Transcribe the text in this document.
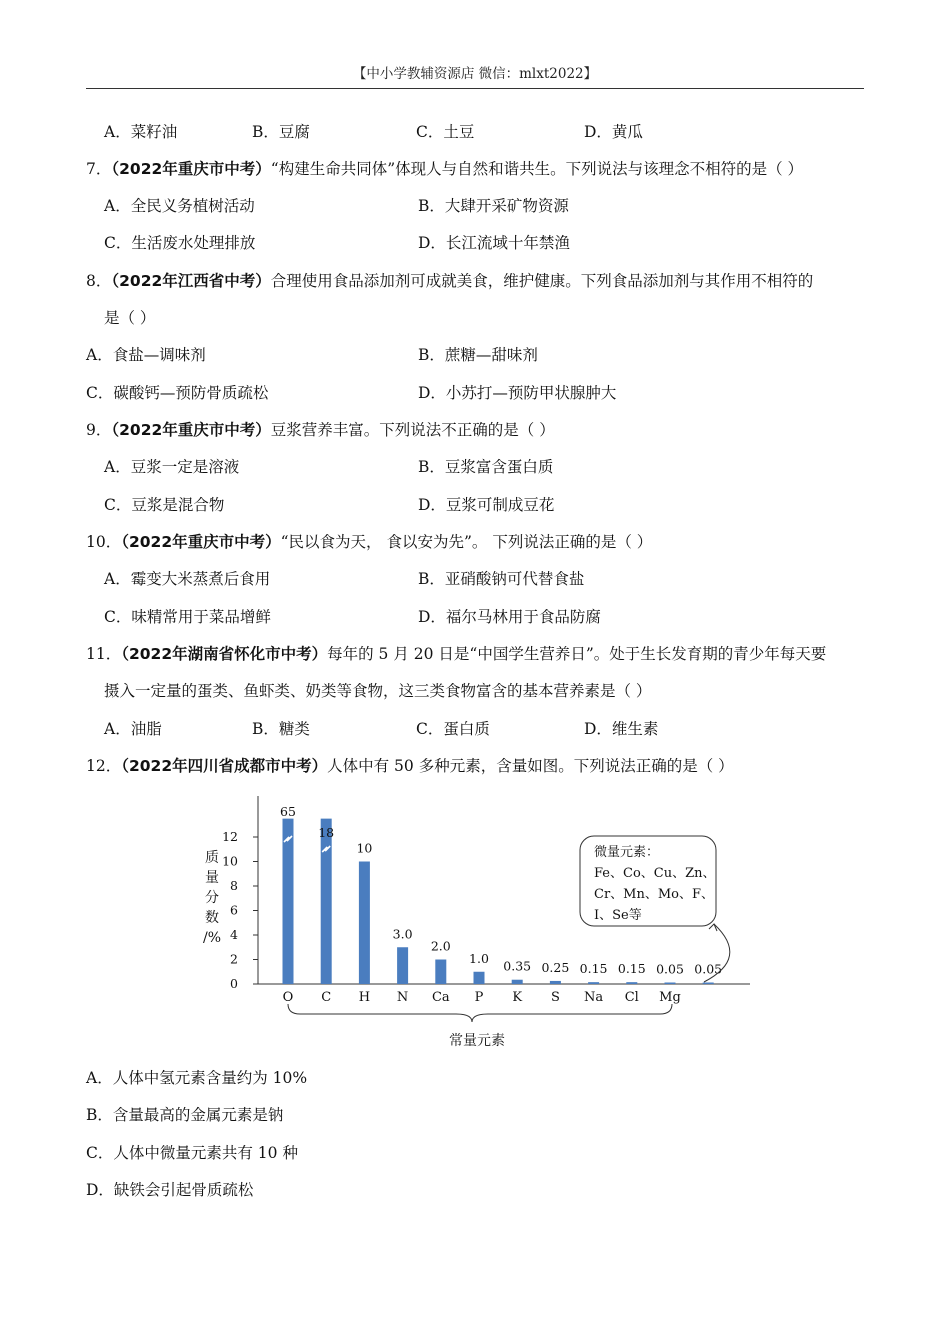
【中小学教辅资源店 微信：mlxt2022】
A．菜籽油	B．豆腐	C．土豆	D．黄瓜
7．（2022年重庆市中考）“构建生命共同体”体现人与自然和谐共生。下列说法与该理念不相符的是（ ）
A．全民义务植树活动	B．大肆开采矿物资源
C．生活废水处理排放	D．长江流域十年禁渔
8．（2022年江西省中考）合理使用食品添加剂可成就美食，维护健康。下列食品添加剂与其作用不相符的
是（ ）
A．食盐—调味剂	B．蔗糖—甜味剂
C．碳酸钙—预防骨质疏松	D．小苏打—预防甲状腺肿大
9．（2022年重庆市中考）豆浆营养丰富。下列说法不正确的是（ ）
A．豆浆一定是溶液	B．豆浆富含蛋白质
C．豆浆是混合物	D．豆浆可制成豆花
10．（2022年重庆市中考）“民以食为天， 食以安为先”。 下列说法正确的是（ ）
A．霉变大米蒸煮后食用	B．亚硝酸钠可代替食盐
C．味精常用于菜品增鲜	D．福尔马林用于食品防腐
11．（2022年湖南省怀化市中考）每年的 5 月 20 日是“中国学生营养日”。处于生长发育期的青少年每天要
摄入一定量的蛋类、鱼虾类、奶类等食物，这三类食物富含的基本营养素是（ ）
A．油脂	B．糖类	C．蛋白质	D．维生素
12．（2022年四川省成都市中考）人体中有 50 多种元素，含量如图。下列说法正确的是（ ）
质
量
分
数
/%
0
2
4
6
8
10
12
O C H N Ca P K S Na Cl Mg
65
18
10
3.0
2.0
1.0
0.35 0.25 0.15 0.15 0.05 0.05
常量元素
微量元素：
Fe、Co、Cu、Zn、
Cr、Mn、Mo、F、
I、Se等
A．人体中氢元素含量约为 10%
B．含量最高的金属元素是钠
C．人体中微量元素共有 10 种
D．缺铁会引起骨质疏松
